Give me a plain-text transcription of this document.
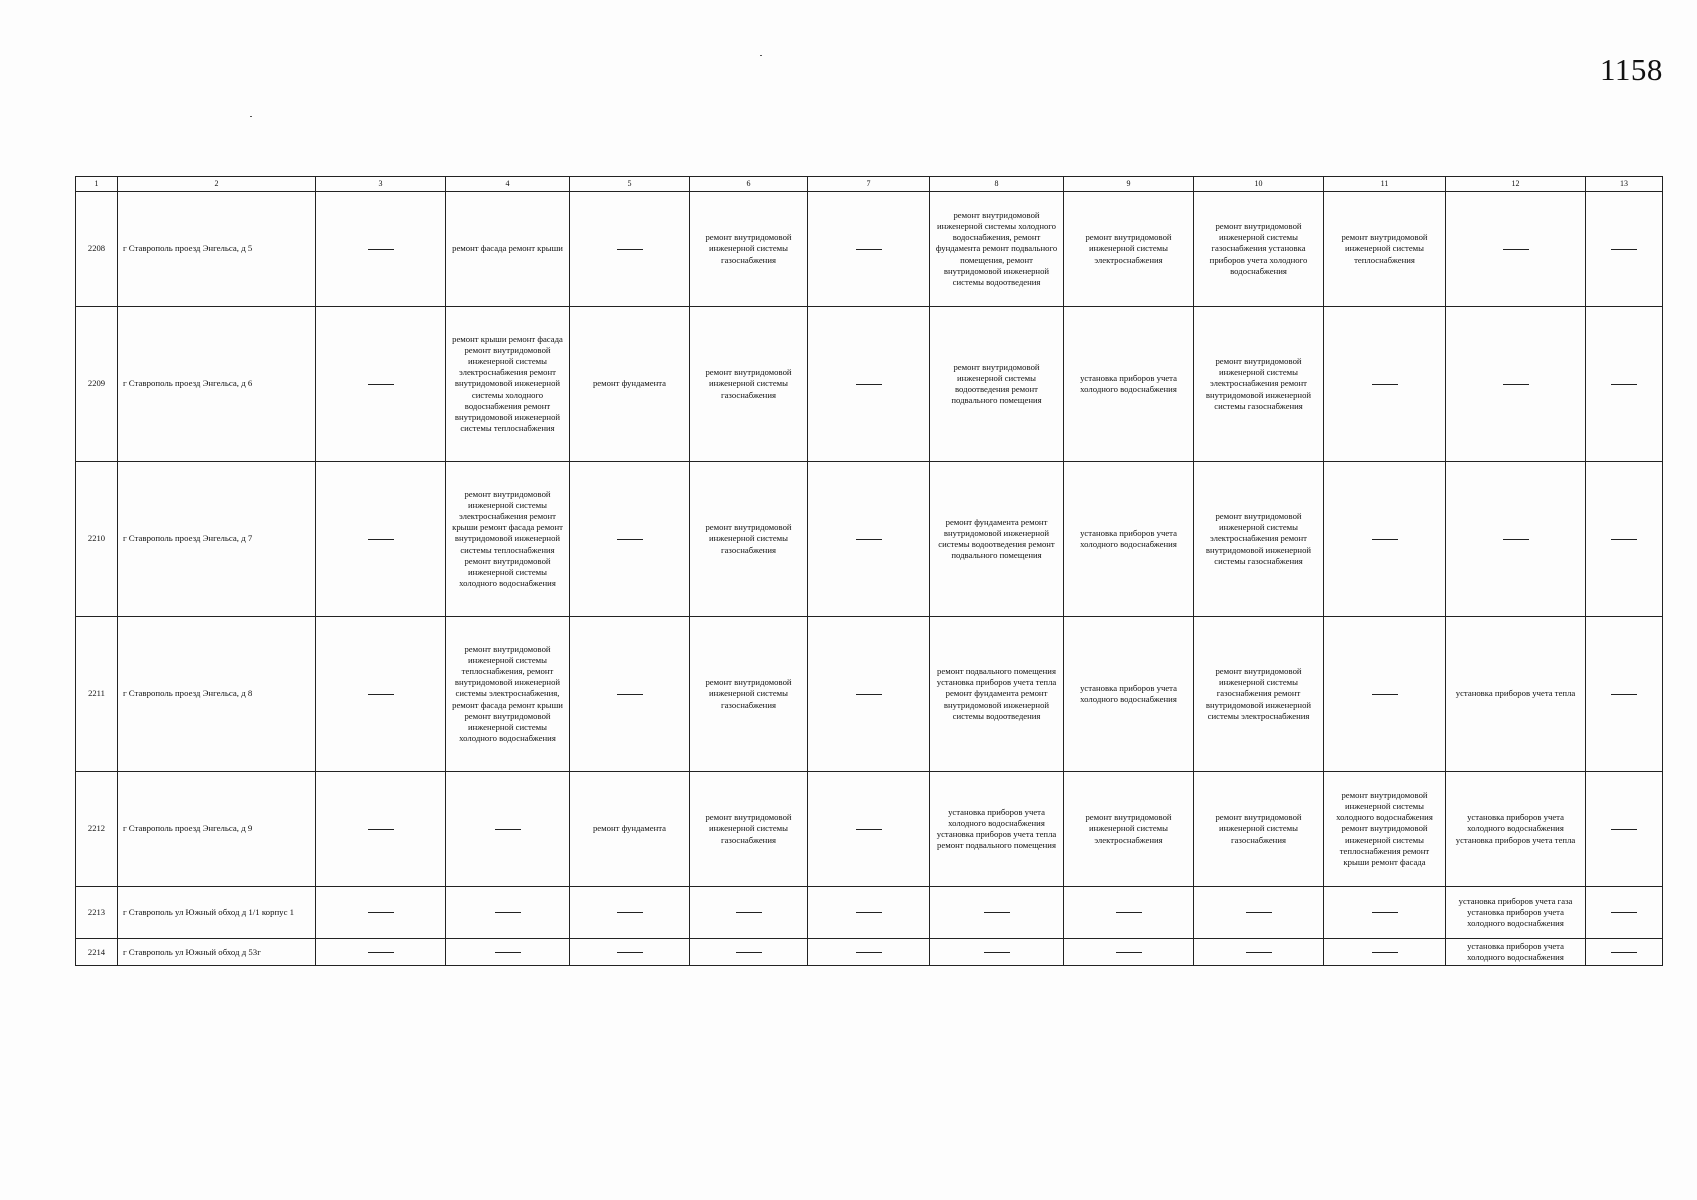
1158
1	2	3	4	5	6	7	8	9	10	11	12	13
2208	г Ставрополь проезд Энгельса, д 5		ремонт фасада ремонт крыши		ремонт внутридомовой инженерной системы газоснабжения		ремонт внутридомовой инженерной системы холодного водоснабжения, ремонт фундамента ремонт подвального помещения, ремонт внутридомовой инженерной системы водоотведения	ремонт внутридомовой инженерной системы электроснабжения	ремонт внутридомовой инженерной системы газоснабжения установка приборов учета холодного водоснабжения	ремонт внутридомовой инженерной системы теплоснабжения		
2209	г Ставрополь проезд Энгельса, д 6		ремонт крыши ремонт фасада ремонт внутридомовой инженерной системы электроснабжения ремонт внутридомовой инженерной системы холодного водоснабжения ремонт внутридомовой инженерной системы теплоснабжения	ремонт фундамента	ремонт внутридомовой инженерной системы газоснабжения		ремонт внутридомовой инженерной системы водоотведения ремонт подвального помещения	установка приборов учета холодного водоснабжения	ремонт внутридомовой инженерной системы электроснабжения ремонт внутридомовой инженерной системы газоснабжения			
2210	г Ставрополь проезд Энгельса, д 7		ремонт внутридомовой инженерной системы электроснабжения ремонт крыши ремонт фасада ремонт внутридомовой инженерной системы теплоснабжения ремонт внутридомовой инженерной системы холодного водоснабжения		ремонт внутридомовой инженерной системы газоснабжения		ремонт фундамента ремонт внутридомовой инженерной системы водоотведения ремонт подвального помещения	установка приборов учета холодного водоснабжения	ремонт внутридомовой инженерной системы электроснабжения ремонт внутридомовой инженерной системы газоснабжения			
2211	г Ставрополь проезд Энгельса, д 8		ремонт внутридомовой инженерной системы теплоснабжения, ремонт внутридомовой инженерной системы электроснабжения, ремонт фасада ремонт крыши ремонт внутридомовой инженерной системы холодного водоснабжения		ремонт внутридомовой инженерной системы газоснабжения		ремонт подвального помещения установка приборов учета тепла ремонт фундамента ремонт внутридомовой инженерной системы водоотведения	установка приборов учета холодного водоснабжения	ремонт внутридомовой инженерной системы газоснабжения ремонт внутридомовой инженерной системы электроснабжения		установка приборов учета тепла	
2212	г Ставрополь проезд Энгельса, д 9			ремонт фундамента	ремонт внутридомовой инженерной системы газоснабжения		установка приборов учета холодного водоснабжения установка приборов учета тепла ремонт подвального помещения	ремонт внутридомовой инженерной системы электроснабжения	ремонт внутридомовой инженерной системы газоснабжения	ремонт внутридомовой инженерной системы холодного водоснабжения ремонт внутридомовой инженерной системы теплоснабжения ремонт крыши ремонт фасада	установка приборов учета холодного водоснабжения установка приборов учета тепла	
2213	г Ставрополь ул Южный обход д 1/1 корпус 1										установка приборов учета газа установка приборов учета холодного водоснабжения	
2214	г Ставрополь ул Южный обход д 53г										установка приборов учета холодного водоснабжения	
